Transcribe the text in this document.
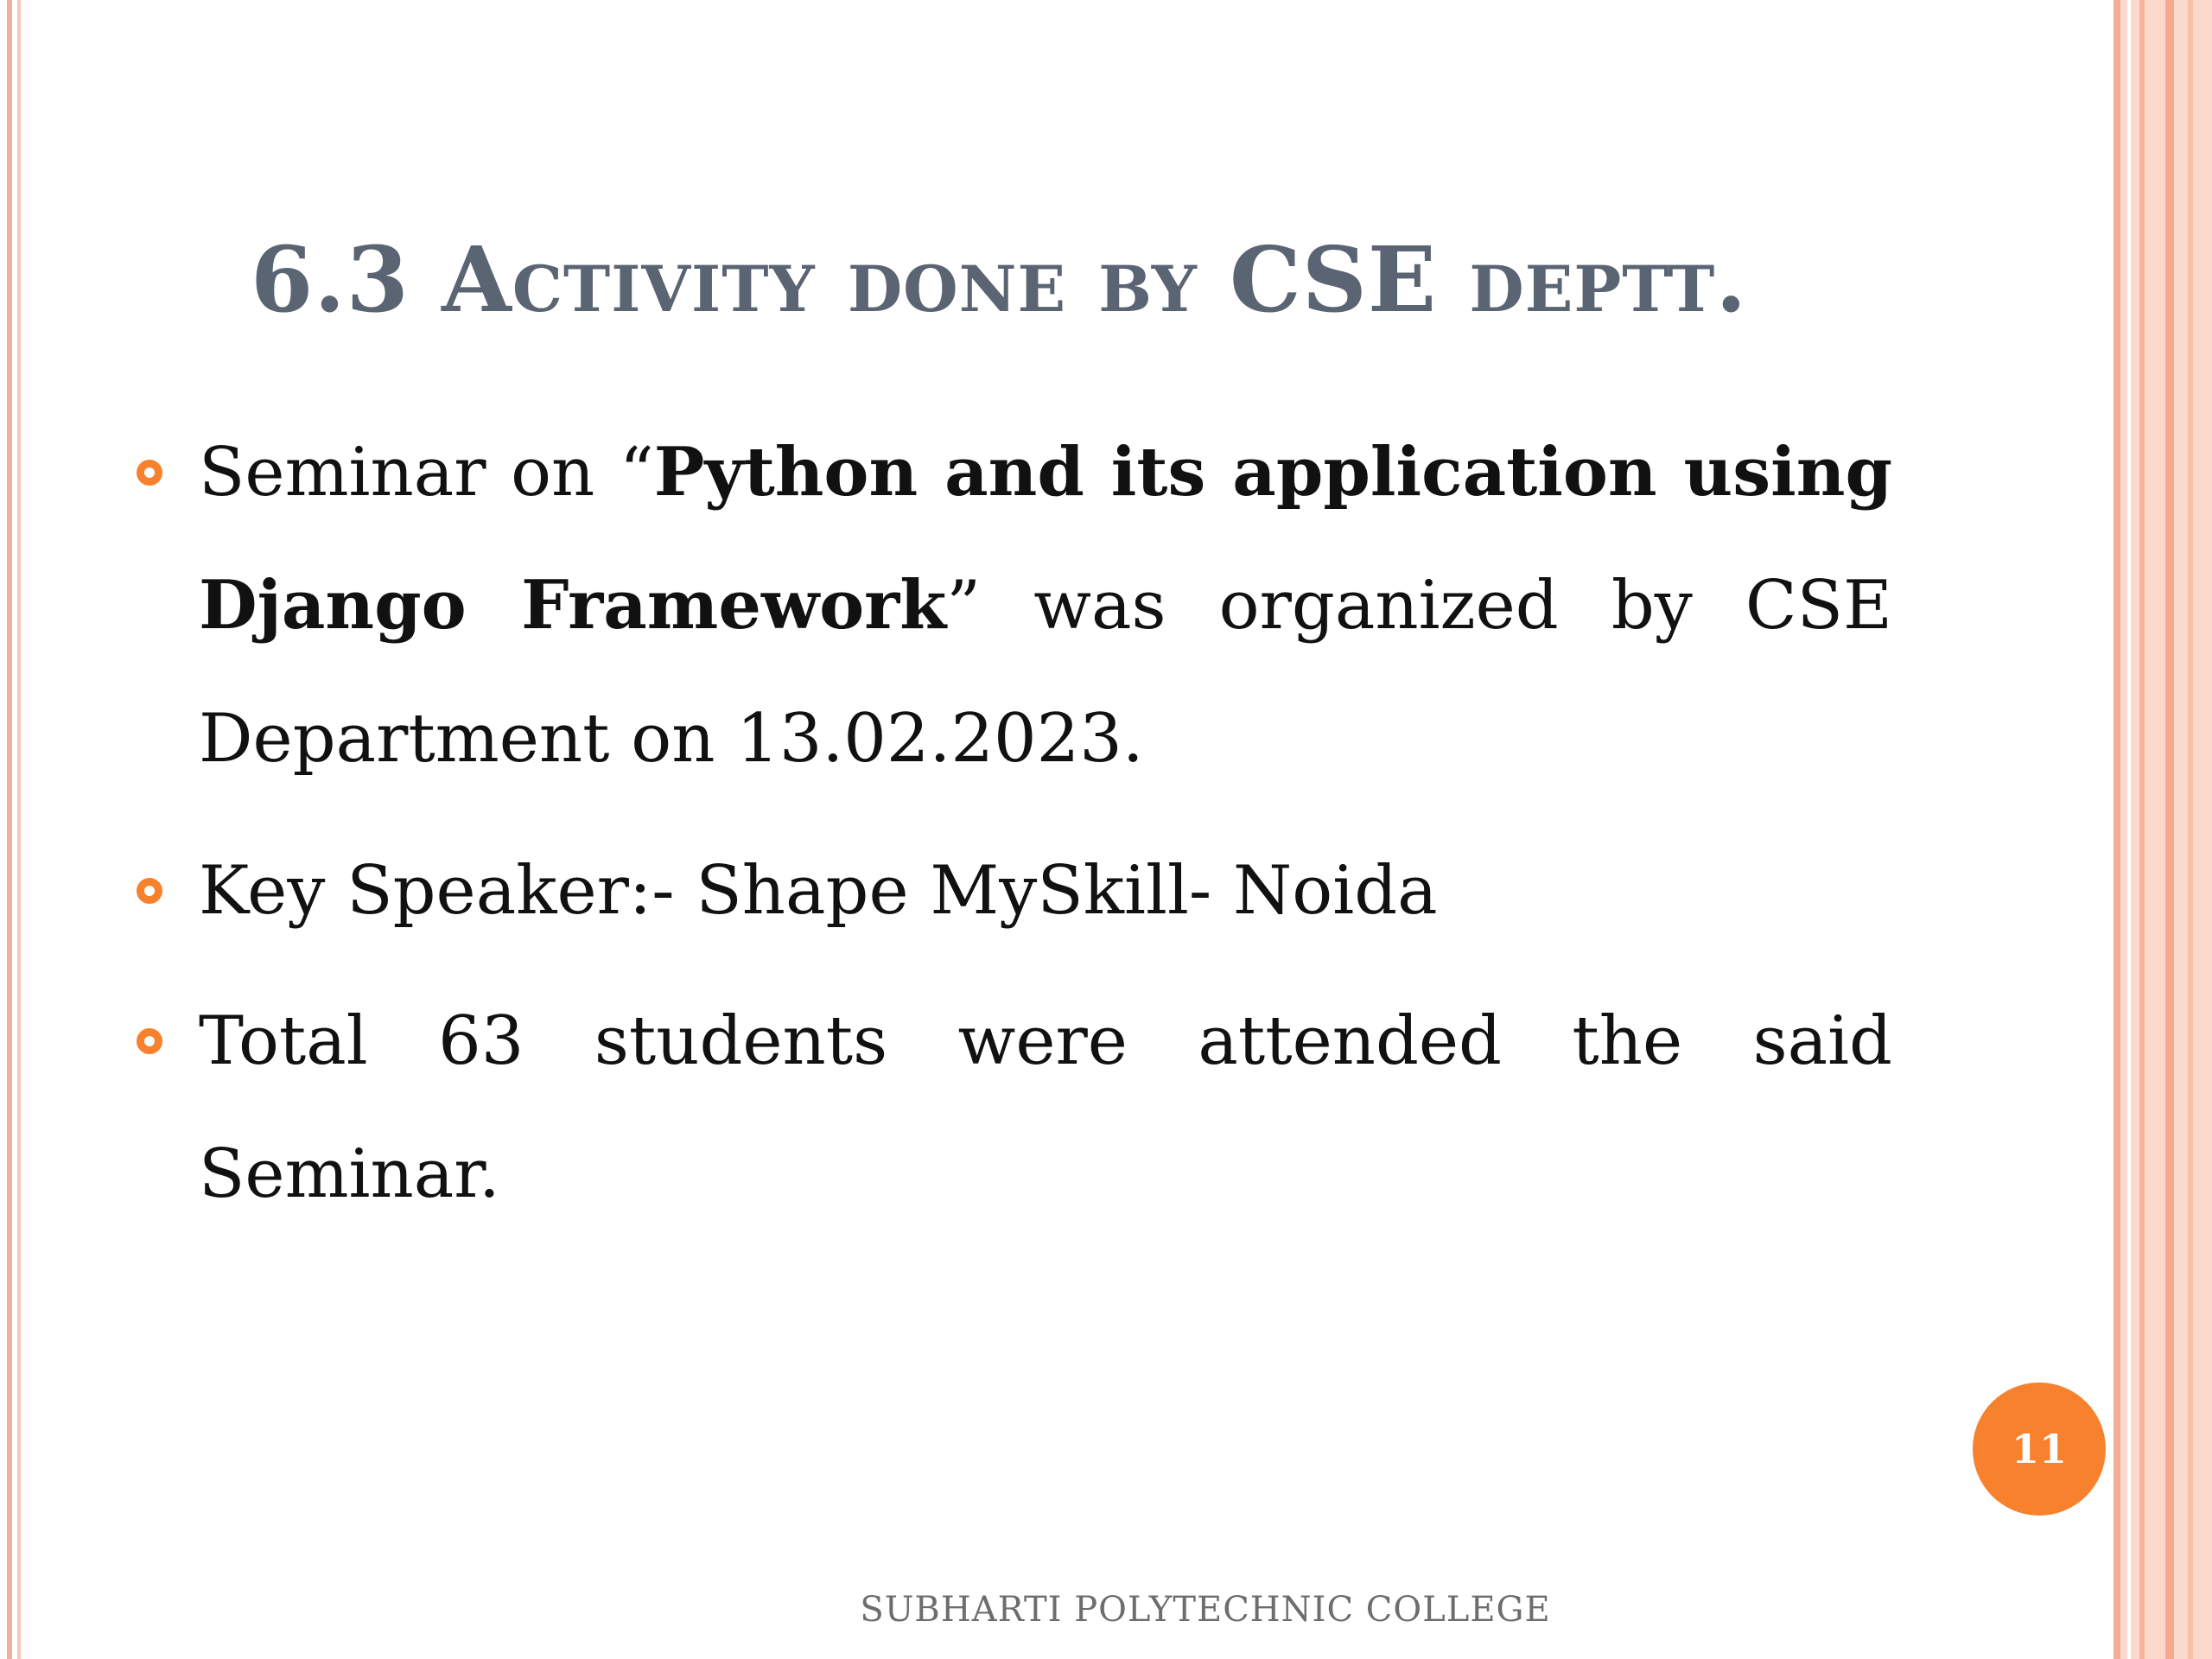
6.3 Activity done by CSE deptt.

Seminar on “Python and its application using Django Framework” was organized by CSE Department on 13.02.2023.

Key Speaker:- Shape MySkill- Noida

Total 63 students were attended the said Seminar.

11
SUBHARTI POLYTECHNIC COLLEGE
